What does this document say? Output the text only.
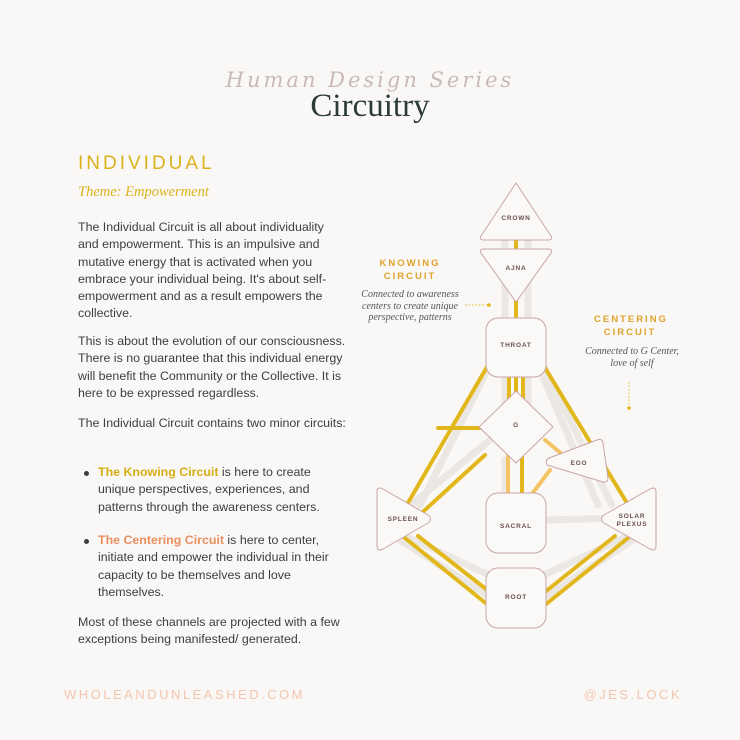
Human Design Series
Circuitry
INDIVIDUAL
Theme: Empowerment

The Individual Circuit is all about individuality and empowerment. This is an impulsive and mutative energy that is activated when you embrace your individual being. It's about self-empowerment and as a result empowers the collective.

This is about the evolution of our consciousness. There is no guarantee that this individual energy will benefit the Community or the Collective. It is here to be expressed regardless.

The Individual Circuit contains two minor circuits:

The Knowing Circuit is here to create unique perspectives, experiences, and patterns through the awareness centers.

The Centering Circuit is here to center, initiate and empower the individual in their capacity to be themselves and love themselves.

Most of these channels are projected with a few exceptions being manifested/ generated.

CROWN
AJNA
THROAT
G
EGO
SPLEEN
SACRAL
SOLAR PLEXUS
ROOT
KNOWING CIRCUIT
Connected to awareness centers to create unique perspective, patterns	CENTERING CIRCUIT
Connected to G Center, love of self
WHOLEANDUNLEASHED.COM	@JES.LOCK
